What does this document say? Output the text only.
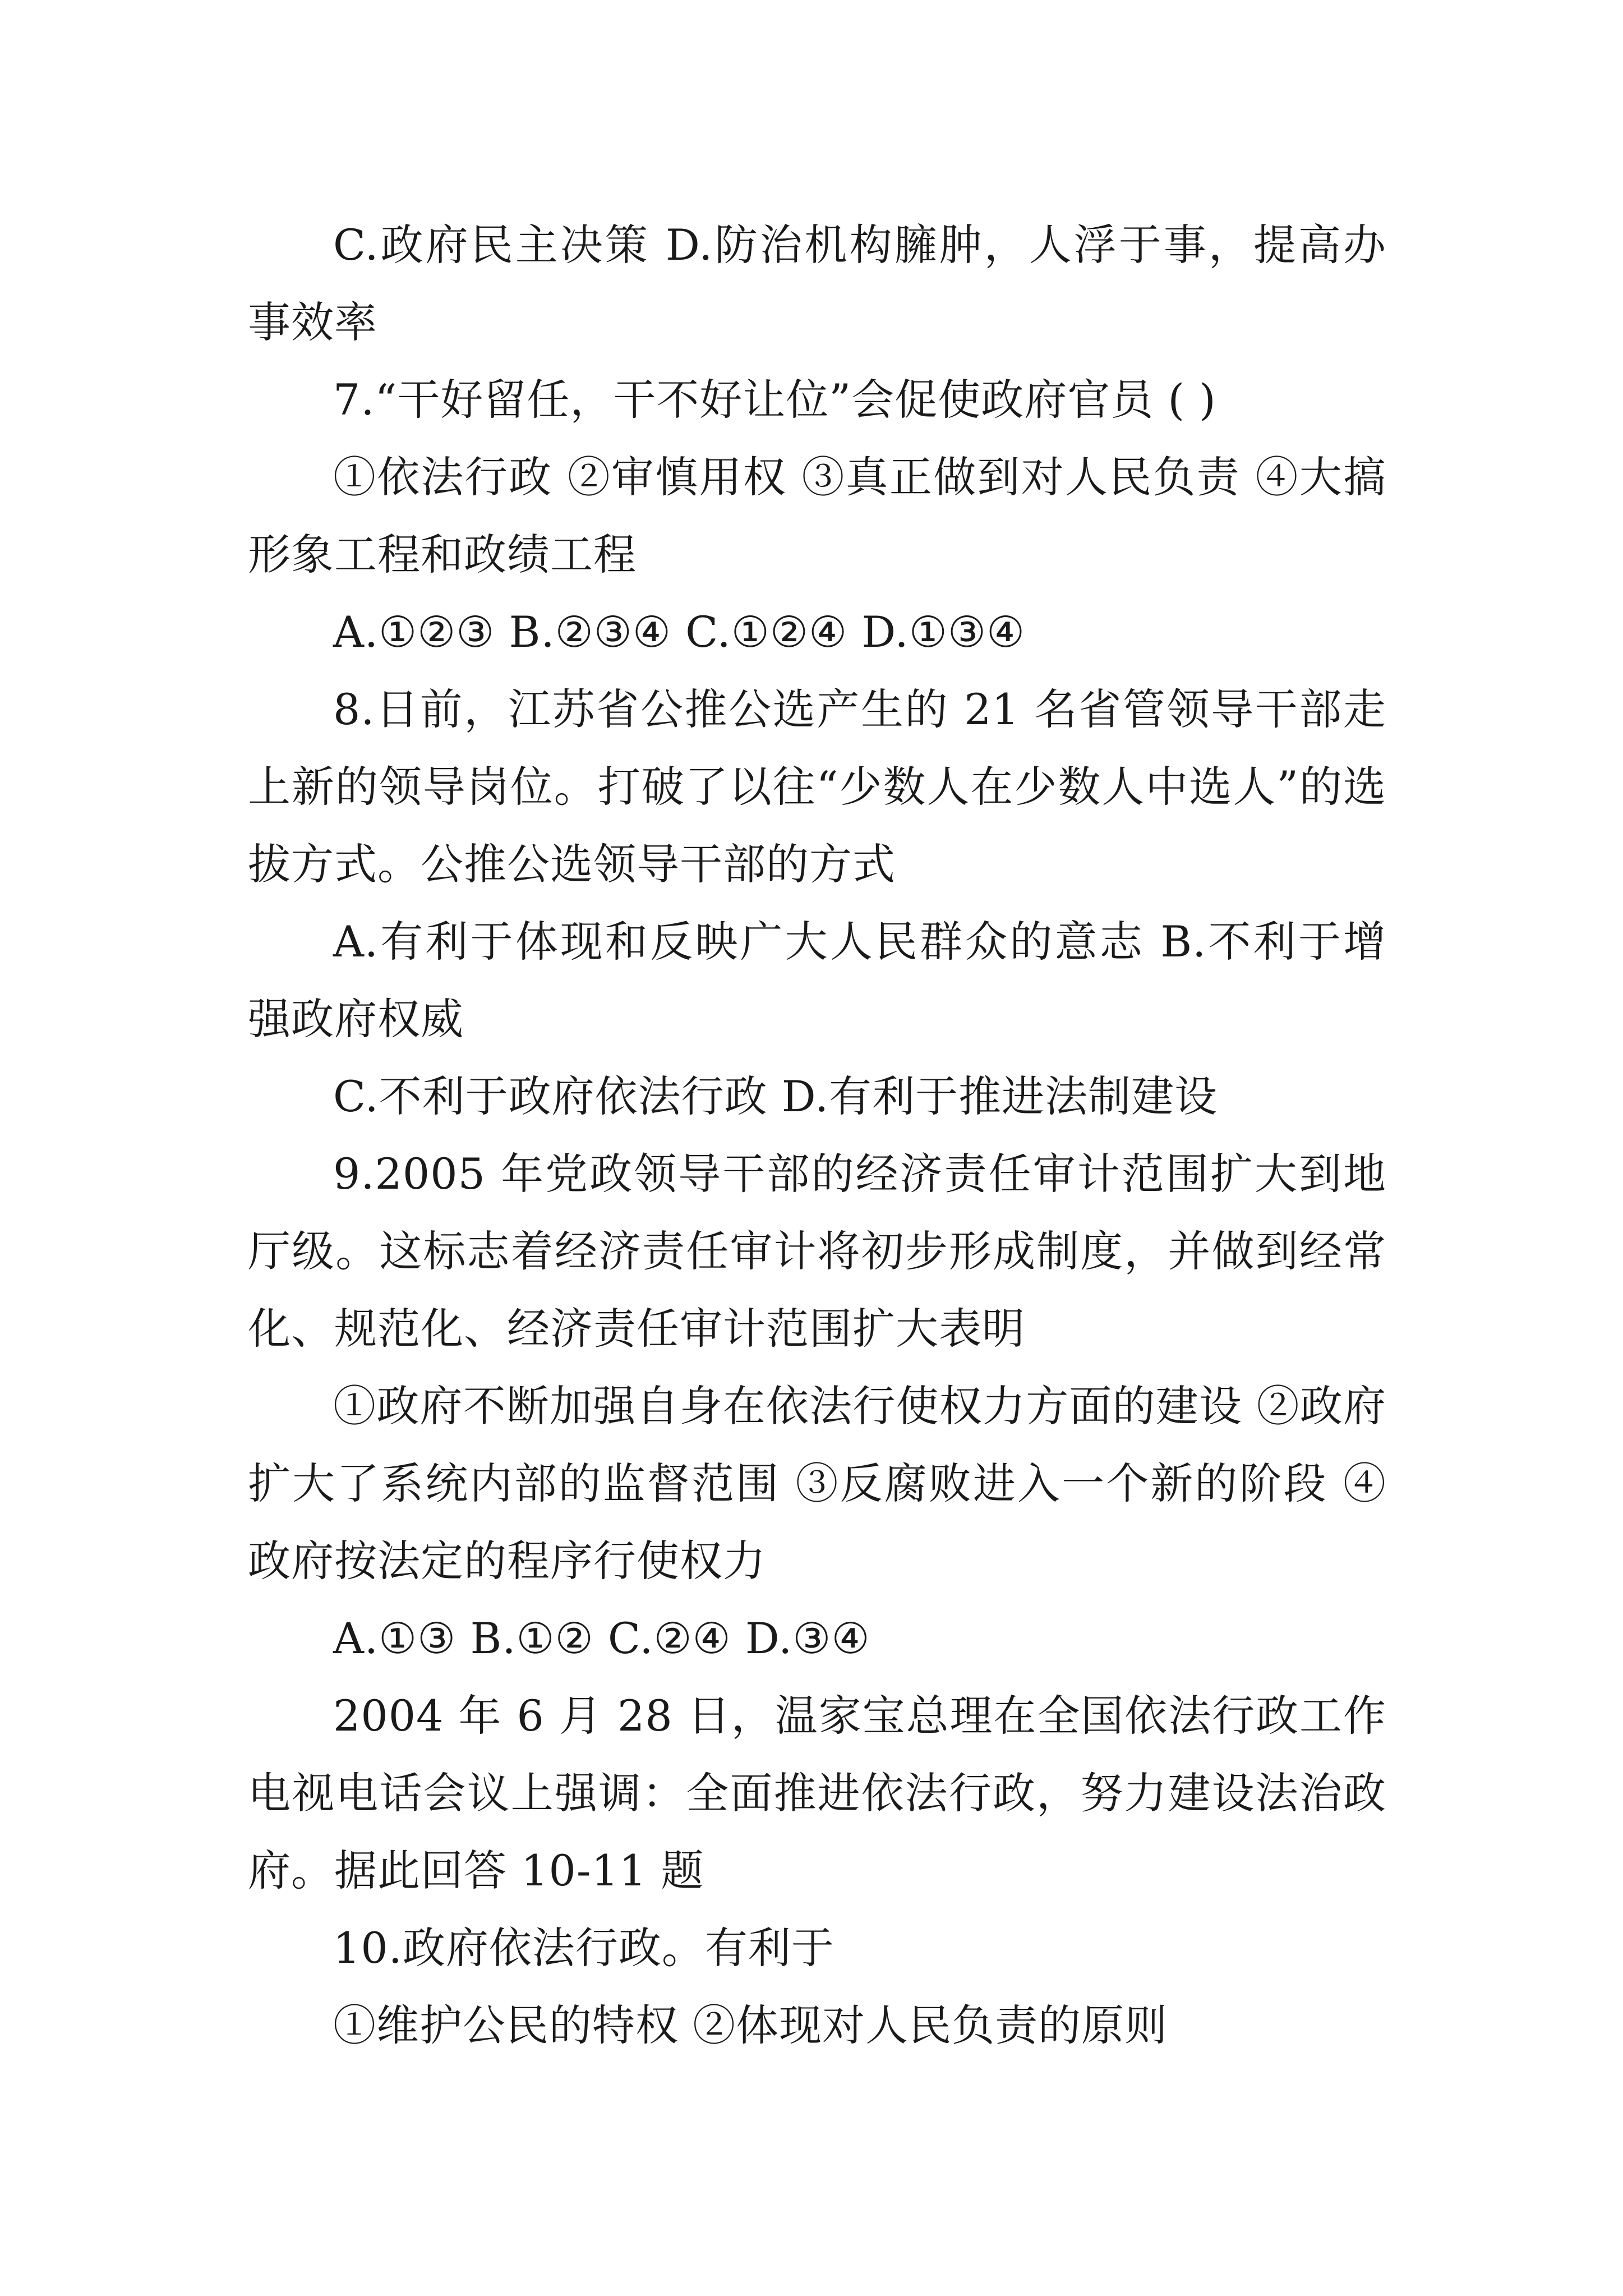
C.政府民主决策 D.防治机构臃肿，人浮于事，提高办事效率

7.“干好留任，干不好让位”会促使政府官员 ( )

①依法行政 ②审慎用权 ③真正做到对人民负责 ④大搞形象工程和政绩工程

A.①②③ B.②③④ C.①②④ D.①③④

8.日前，江苏省公推公选产生的 21 名省管领导干部走上新的领导岗位。打破了以往“少数人在少数人中选人”的选拔方式。公推公选领导干部的方式

A.有利于体现和反映广大人民群众的意志 B.不利于增强政府权威

C.不利于政府依法行政 D.有利于推进法制建设

9.2005 年党政领导干部的经济责任审计范围扩大到地厅级。这标志着经济责任审计将初步形成制度，并做到经常化、规范化、经济责任审计范围扩大表明

①政府不断加强自身在依法行使权力方面的建设 ②政府扩大了系统内部的监督范围 ③反腐败进入一个新的阶段 ④政府按法定的程序行使权力

A.①③ B.①② C.②④ D.③④

2004 年 6 月 28 日，温家宝总理在全国依法行政工作电视电话会议上强调：全面推进依法行政，努力建设法治政府。据此回答 10-11 题

10.政府依法行政。有利于

①维护公民的特权 ②体现对人民负责的原则
